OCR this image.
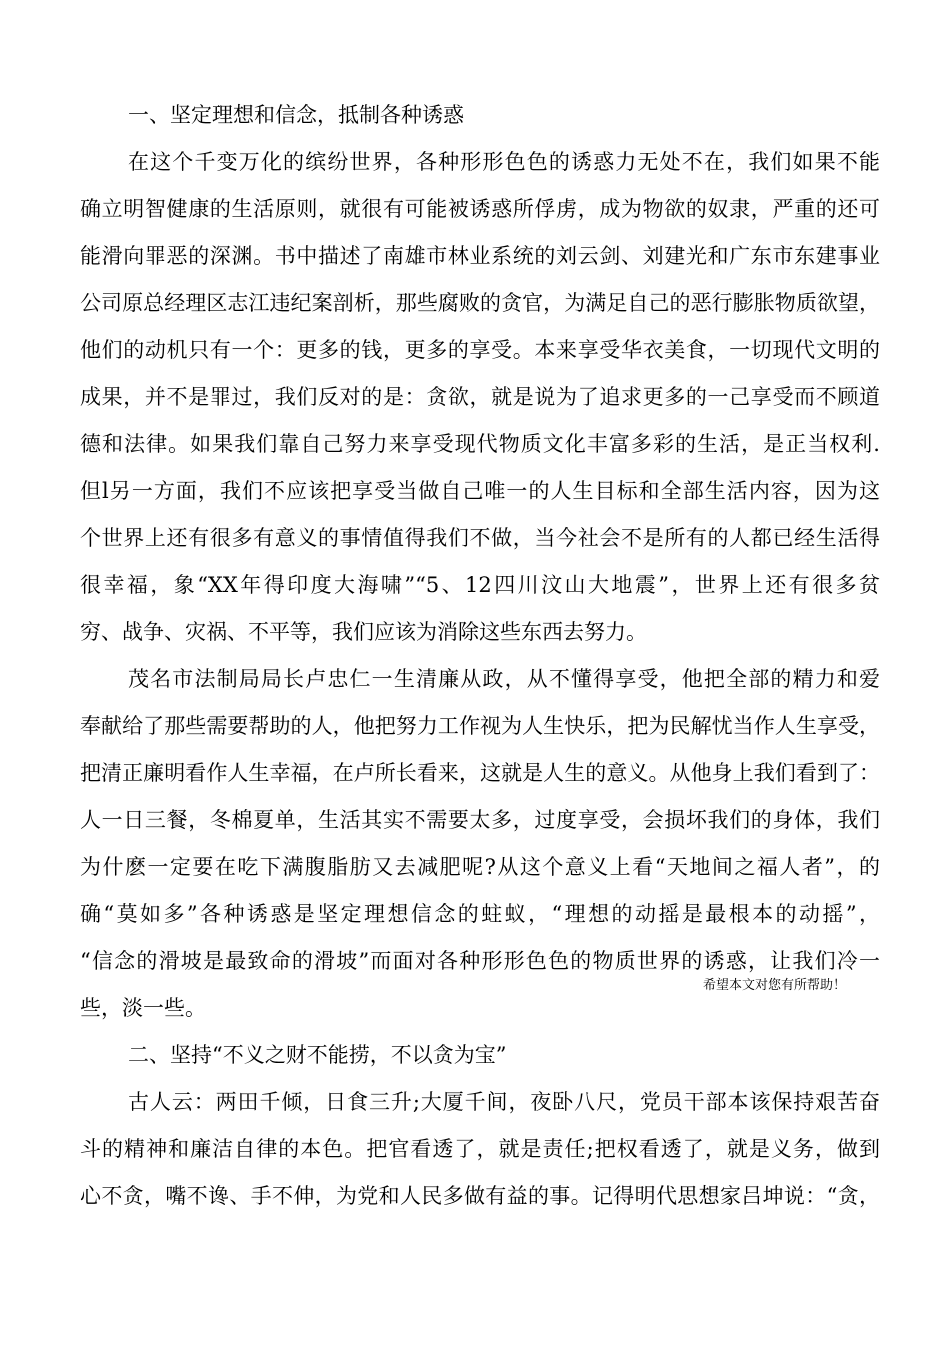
一、坚定理想和信念，抵制各种诱惑
在这个千变万化的缤纷世界，各种形形色色的诱惑力无处不在，我们如果不能
确立明智健康的生活原则，就很有可能被诱惑所俘虏，成为物欲的奴隶，严重的还可
能滑向罪恶的深渊。书中描述了南雄市林业系统的刘云剑、刘建光和广东市东建事业
公司原总经理区志江违纪案剖析，那些腐败的贪官，为满足自己的恶行膨胀物质欲望，
他们的动机只有一个：更多的钱，更多的享受。本来享受华衣美食，一切现代文明的
成果，并不是罪过，我们反对的是：贪欲，就是说为了追求更多的一己享受而不顾道
德和法律。如果我们靠自己努力来享受现代物质文化丰富多彩的生活，是正当权利.
但l另一方面，我们不应该把享受当做自己唯一的人生目标和全部生活内容，因为这
个世界上还有很多有意义的事情值得我们不做，当今社会不是所有的人都已经生活得
很幸福，象“XX年得印度大海啸”“5、12四川汶山大地震”，世界上还有很多贫
穷、战争、灾祸、不平等，我们应该为消除这些东西去努力。
茂名市法制局局长卢忠仁一生清廉从政，从不懂得享受，他把全部的精力和爱
奉献给了那些需要帮助的人，他把努力工作视为人生快乐，把为民解忧当作人生享受，
把清正廉明看作人生幸福，在卢所长看来，这就是人生的意义。从他身上我们看到了：
人一日三餐，冬棉夏单，生活其实不需要太多，过度享受，会损坏我们的身体，我们
为什麽一定要在吃下满腹脂肪又去减肥呢?从这个意义上看“天地间之福人者”，的
确“莫如多”各种诱惑是坚定理想信念的蛀蚁，“理想的动摇是最根本的动摇”，
“信念的滑坡是最致命的滑坡”而面对各种形形色色的物质世界的诱惑，让我们冷一
些，淡一些。
希望本文对您有所帮助！
二、坚持“不义之财不能捞，不以贪为宝”
古人云：两田千倾，日食三升;大厦千间，夜卧八尺，党员干部本该保持艰苦奋
斗的精神和廉洁自律的本色。把官看透了，就是责任;把权看透了，就是义务，做到
心不贪，嘴不谗、手不伸，为党和人民多做有益的事。记得明代思想家吕坤说：“贪，
